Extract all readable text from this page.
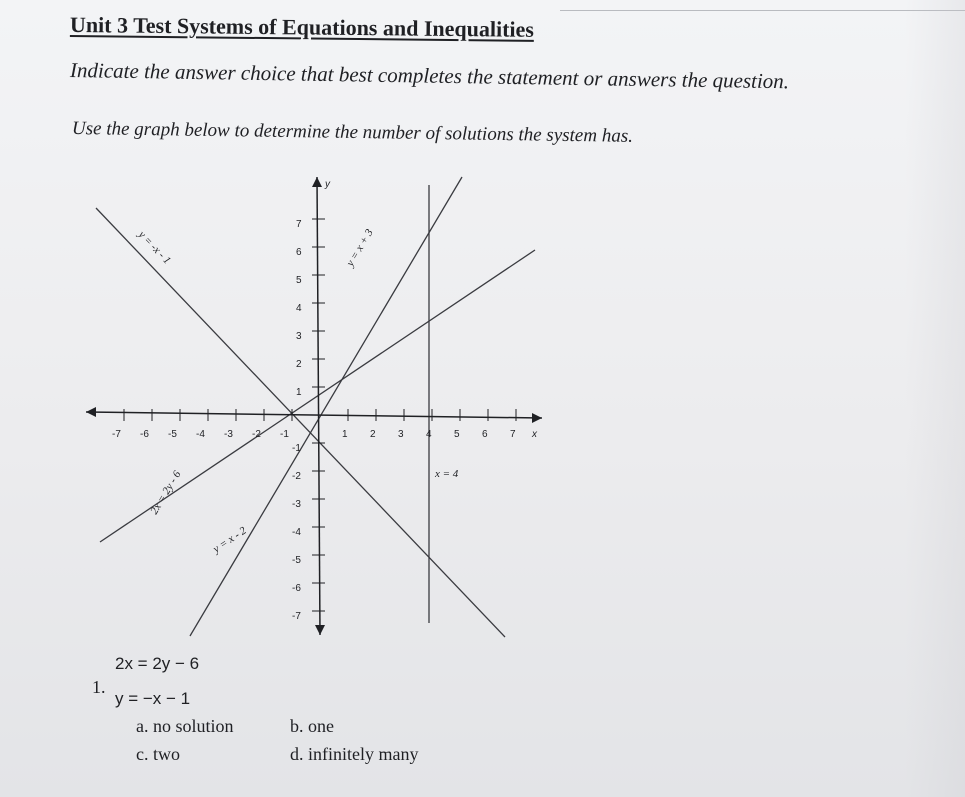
Unit 3 Test Systems of Equations and Inequalities
Indicate the answer choice that best completes the statement or answers the question.
Use the graph below to determine the number of solutions the system has.
-7 -6 -5 -4 -3 -2 -1	1 2 3 4 5 6 7 x
y
1
2
3
4
5
6
7
-1
-2
-3
-4
-5
-6
-7
y = -x - 1	y = x + 3
2x = 2y - 6
y = x - 2
x = 4
2x = 2y − 6
1.
y = −x − 1
a. no solution	b. one
c. two	d. infinitely many
